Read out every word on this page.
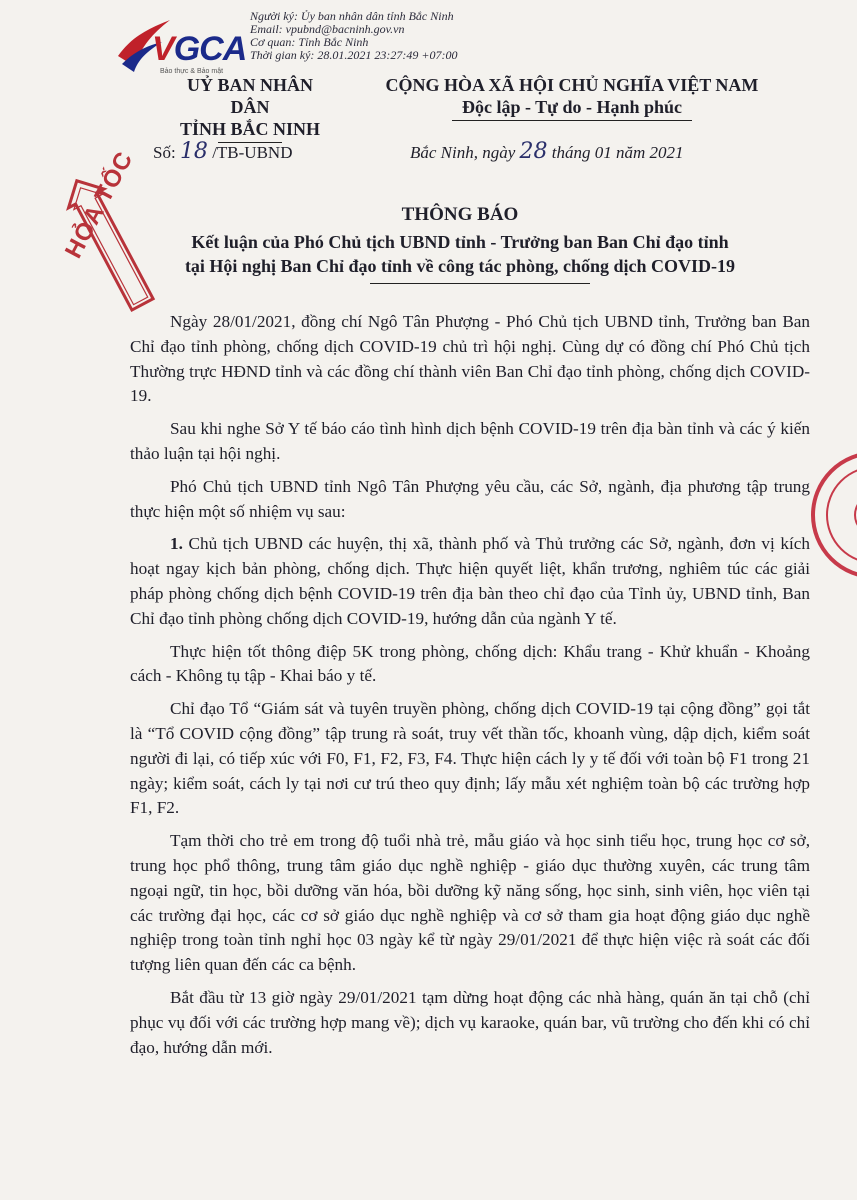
VGCA
Bảo thực & Bảo mật
Người ký: Ủy ban nhân dân tỉnh Bắc Ninh
Email: vpubnd@bacninh.gov.vn
Cơ quan: Tỉnh Bắc Ninh
Thời gian ký: 28.01.2021 23:27:49 +07:00
UỶ BAN NHÂN DÂN
TỈNH BẮC NINH
CỘNG HÒA XÃ HỘI CHỦ NGHĨA VIỆT NAM
Độc lập - Tự do - Hạnh phúc
Số: 18 /TB-UBND	Bắc Ninh, ngày 28 tháng 01 năm 2021
HỎA TỐC	THÔNG BÁO
Kết luận của Phó Chủ tịch UBND tỉnh - Trưởng ban Ban Chỉ đạo tỉnh
tại Hội nghị Ban Chỉ đạo tỉnh về công tác phòng, chống dịch COVID-19

Ngày 28/01/2021, đồng chí Ngô Tân Phượng - Phó Chủ tịch UBND tỉnh, Trưởng ban Ban Chỉ đạo tỉnh phòng, chống dịch COVID-19 chủ trì hội nghị. Cùng dự có đồng chí Phó Chủ tịch Thường trực HĐND tỉnh và các đồng chí thành viên Ban Chỉ đạo tỉnh phòng, chống dịch COVID-19.

Sau khi nghe Sở Y tế báo cáo tình hình dịch bệnh COVID-19 trên địa bàn tỉnh và các ý kiến thảo luận tại hội nghị.

Phó Chủ tịch UBND tỉnh Ngô Tân Phượng yêu cầu, các Sở, ngành, địa phương tập trung thực hiện một số nhiệm vụ sau:

1. Chủ tịch UBND các huyện, thị xã, thành phố và Thủ trưởng các Sở, ngành, đơn vị kích hoạt ngay kịch bản phòng, chống dịch. Thực hiện quyết liệt, khẩn trương, nghiêm túc các giải pháp phòng chống dịch bệnh COVID-19 trên địa bàn theo chỉ đạo của Tỉnh ủy, UBND tỉnh, Ban Chỉ đạo tỉnh phòng chống dịch COVID-19, hướng dẫn của ngành Y tế.

Thực hiện tốt thông điệp 5K trong phòng, chống dịch: Khẩu trang - Khử khuẩn - Khoảng cách - Không tụ tập - Khai báo y tế.

Chỉ đạo Tổ “Giám sát và tuyên truyền phòng, chống dịch COVID-19 tại cộng đồng” gọi tắt là “Tổ COVID cộng đồng” tập trung rà soát, truy vết thần tốc, khoanh vùng, dập dịch, kiểm soát người đi lại, có tiếp xúc với F0, F1, F2, F3, F4. Thực hiện cách ly y tế đối với toàn bộ F1 trong 21 ngày; kiểm soát, cách ly tại nơi cư trú theo quy định; lấy mẫu xét nghiệm toàn bộ các trường hợp F1, F2.

Tạm thời cho trẻ em trong độ tuổi nhà trẻ, mẫu giáo và học sinh tiểu học, trung học cơ sở, trung học phổ thông, trung tâm giáo dục nghề nghiệp - giáo dục thường xuyên, các trung tâm ngoại ngữ, tin học, bồi dưỡng văn hóa, bồi dưỡng kỹ năng sống, học sinh, sinh viên, học viên tại các trường đại học, các cơ sở giáo dục nghề nghiệp và cơ sở tham gia hoạt động giáo dục nghề nghiệp trong toàn tỉnh nghỉ học 03 ngày kể từ ngày 29/01/2021 để thực hiện việc rà soát các đối tượng liên quan đến các ca bệnh.

Bắt đầu từ 13 giờ ngày 29/01/2021 tạm dừng hoạt động các nhà hàng, quán ăn tại chỗ (chỉ phục vụ đối với các trường hợp mang về); dịch vụ karaoke, quán bar, vũ trường cho đến khi có chỉ đạo, hướng dẫn mới.
